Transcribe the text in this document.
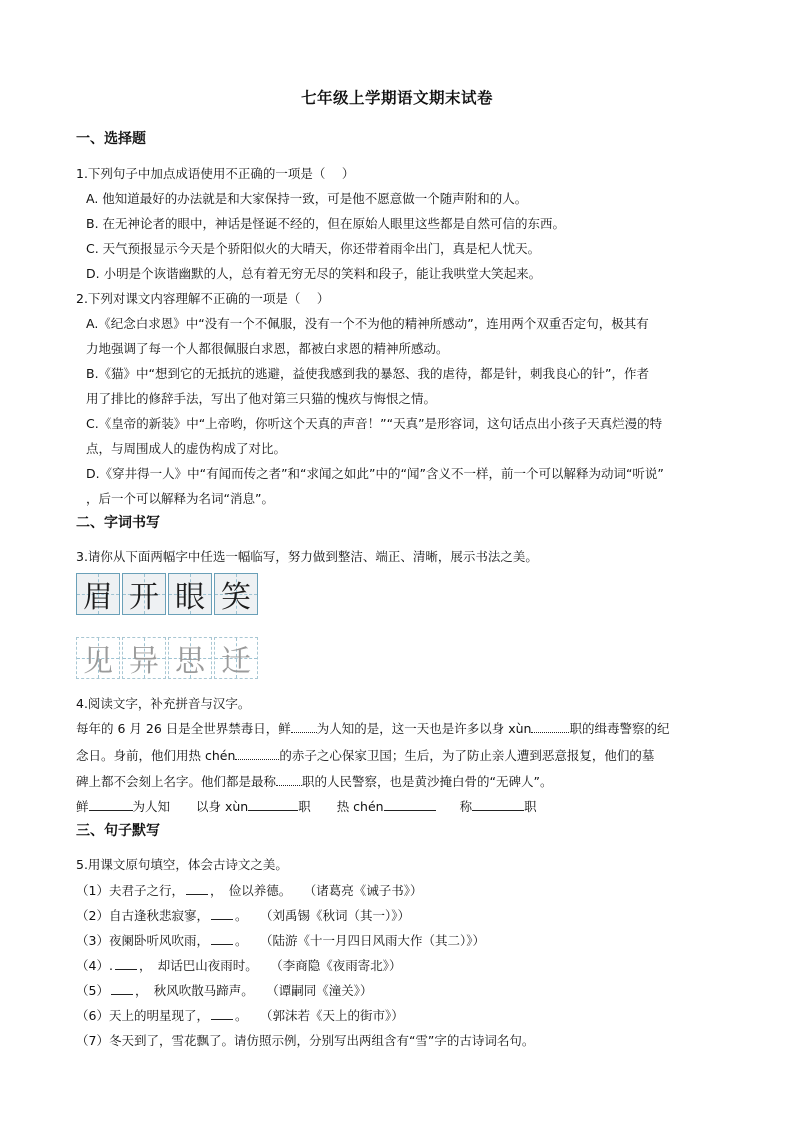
七年级上学期语文期末试卷
一、选择题
1.下列句子中加点成语使用不正确的一项是（　 ）
A. 他知道最好的办法就是和大家保持一致，可是他不愿意做一个随声附和的人。
B. 在无神论者的眼中，神话是怪诞不经的，但在原始人眼里这些都是自然可信的东西。
C. 天气预报显示今天是个骄阳似火的大晴天，你还带着雨伞出门，真是杞人忧天。
D. 小明是个诙谐幽默的人，总有着无穷无尽的笑料和段子，能让我哄堂大笑起来。
2.下列对课文内容理解不正确的一项是（　 ）
A.《纪念白求恩》中“没有一个不佩服，没有一个不为他的精神所感动”，连用两个双重否定句，极其有
力地强调了每一个人都很佩服白求恩，都被白求恩的精神所感动。
B.《猫》中“想到它的无抵抗的逃避，益使我感到我的暴怒、我的虐待，都是针，刺我良心的针”，作者
用了排比的修辞手法，写出了他对第三只猫的愧疚与悔恨之情。
C.《皇帝的新装》中“上帝哟，你听这个天真的声音！”“天真”是形容词，这句话点出小孩子天真烂漫的特
点，与周围成人的虚伪构成了对比。
D.《穿井得一人》中“有闻而传之者”和“求闻之如此”中的“闻”含义不一样，前一个可以解释为动词“听说”
，后一个可以解释为名词“消息”。
二、字词书写
3.请你从下面两幅字中任选一幅临写，努力做到整洁、端正、清晰，展示书法之美。
眉 开 眼 笑
见 异 思 迁
4.阅读文字，补充拼音与汉字。
每年的 6 月 26 日是全世界禁毒日，鲜 为人知的是，这一天也是许多以身 xùn	职的缉毒警察的纪
念日。身前，他们用热 chén	的赤子之心保家卫国；生后，为了防止亲人遭到恶意报复，他们的墓
碑上都不会刻上名字。他们都是最称 职的人民警察，也是黄沙掩白骨的“无碑人”。
鲜	为人知 以身 xùn	职 热 chén	称	职
三、句子默写
5.用课文原句填空，体会古诗文之美。
（1）夫君子之行， ，　俭以养德。　　（诸葛亮《诫子书》）
（2）自古逢秋悲寂寥， 。　　（刘禹锡《秋词（其一）》）
（3）夜阑卧听风吹雨， 。　　（陆游《十一月四日风雨大作（其二）》）
（4）. ，　却话巴山夜雨时。　　（李商隐《夜雨寄北》）
（5） ，　秋风吹散马蹄声。　　（谭嗣同《潼关》）
（6）天上的明星现了， 。　　（郭沫若《天上的街市》）
（7）冬天到了，雪花飘了。请仿照示例，分别写出两组含有“雪”字的古诗词名句。
